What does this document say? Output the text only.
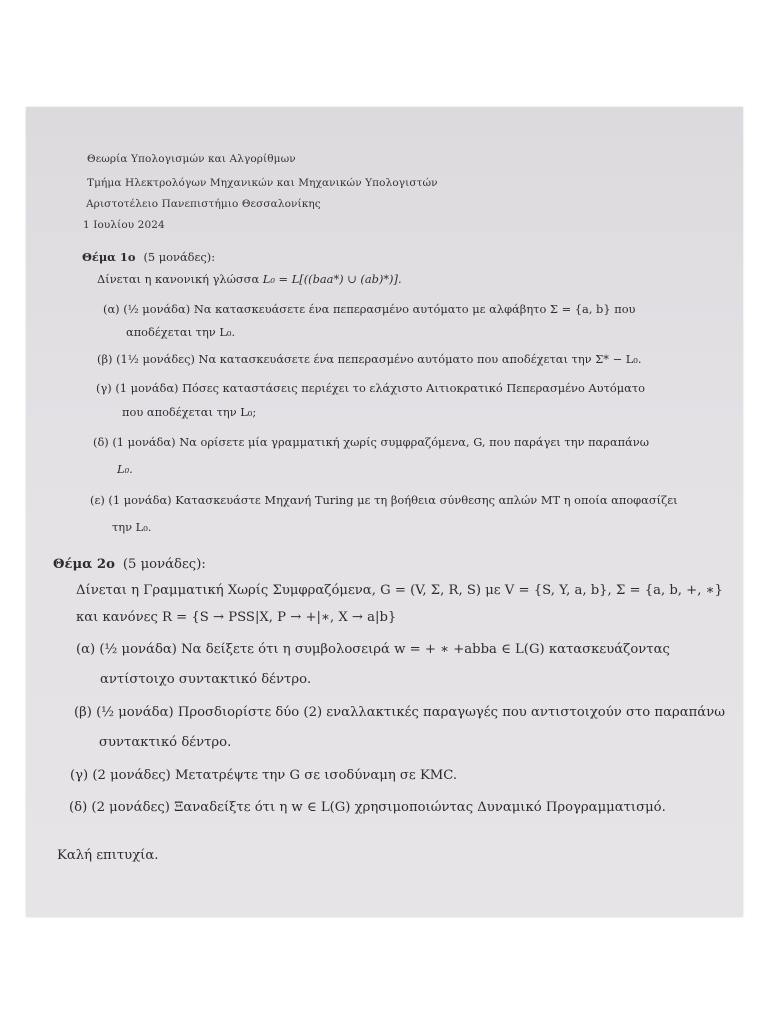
Θεωρία Υπολογισμών και Αλγορίθμων
Τμήμα Ηλεκτρολόγων Μηχανικών και Μηχανικών Υπολογιστών
Αριστοτέλειο Πανεπιστήμιο Θεσσαλονίκης
1 Ιουλίου 2024
Θέμα 1ο (5 μονάδες):
Δίνεται η κανονική γλώσσα L₀ = L[((baa*) ∪ (ab)*)].
(α) (½ μονάδα) Να κατασκευάσετε ένα πεπερασμένο αυτόματο με αλφάβητο Σ = {a, b} που
αποδέχεται την L₀.
(β) (1½ μονάδες) Να κατασκευάσετε ένα πεπερασμένο αυτόματο που αποδέχεται την Σ* − L₀.
(γ) (1 μονάδα) Πόσες καταστάσεις περιέχει το ελάχιστο Αιτιοκρατικό Πεπερασμένο Αυτόματο
που αποδέχεται την L₀;
(δ) (1 μονάδα) Να ορίσετε μία γραμματική χωρίς συμφραζόμενα, G, που παράγει την παραπάνω
L₀.
(ε) (1 μονάδα) Κατασκευάστε Μηχανή Turing με τη βοήθεια σύνθεσης απλών ΜΤ η οποία αποφασίζει
την L₀.
Θέμα 2ο (5 μονάδες):
Δίνεται η Γραμματική Χωρίς Συμφραζόμενα, G = (V, Σ, R, S) με V = {S, Y, a, b}, Σ = {a, b, +, ∗}
και κανόνες R = {S → PSS|X, P → +|∗, X → a|b}
(α) (½ μονάδα) Να δείξετε ότι η συμβολοσειρά w = + ∗ +abba ∈ L(G) κατασκευάζοντας
αντίστοιχο συντακτικό δέντρο.
(β) (½ μονάδα) Προσδιορίστε δύο (2) εναλλακτικές παραγωγές που αντιστοιχούν στο παραπάνω
συντακτικό δέντρο.
(γ) (2 μονάδες) Μετατρέψτε την G σε ισοδύναμη σε ΚΜC.
(δ) (2 μονάδες) Ξαναδείξτε ότι η w ∈ L(G) χρησιμοποιώντας Δυναμικό Προγραμματισμό.
Καλή επιτυχία.
